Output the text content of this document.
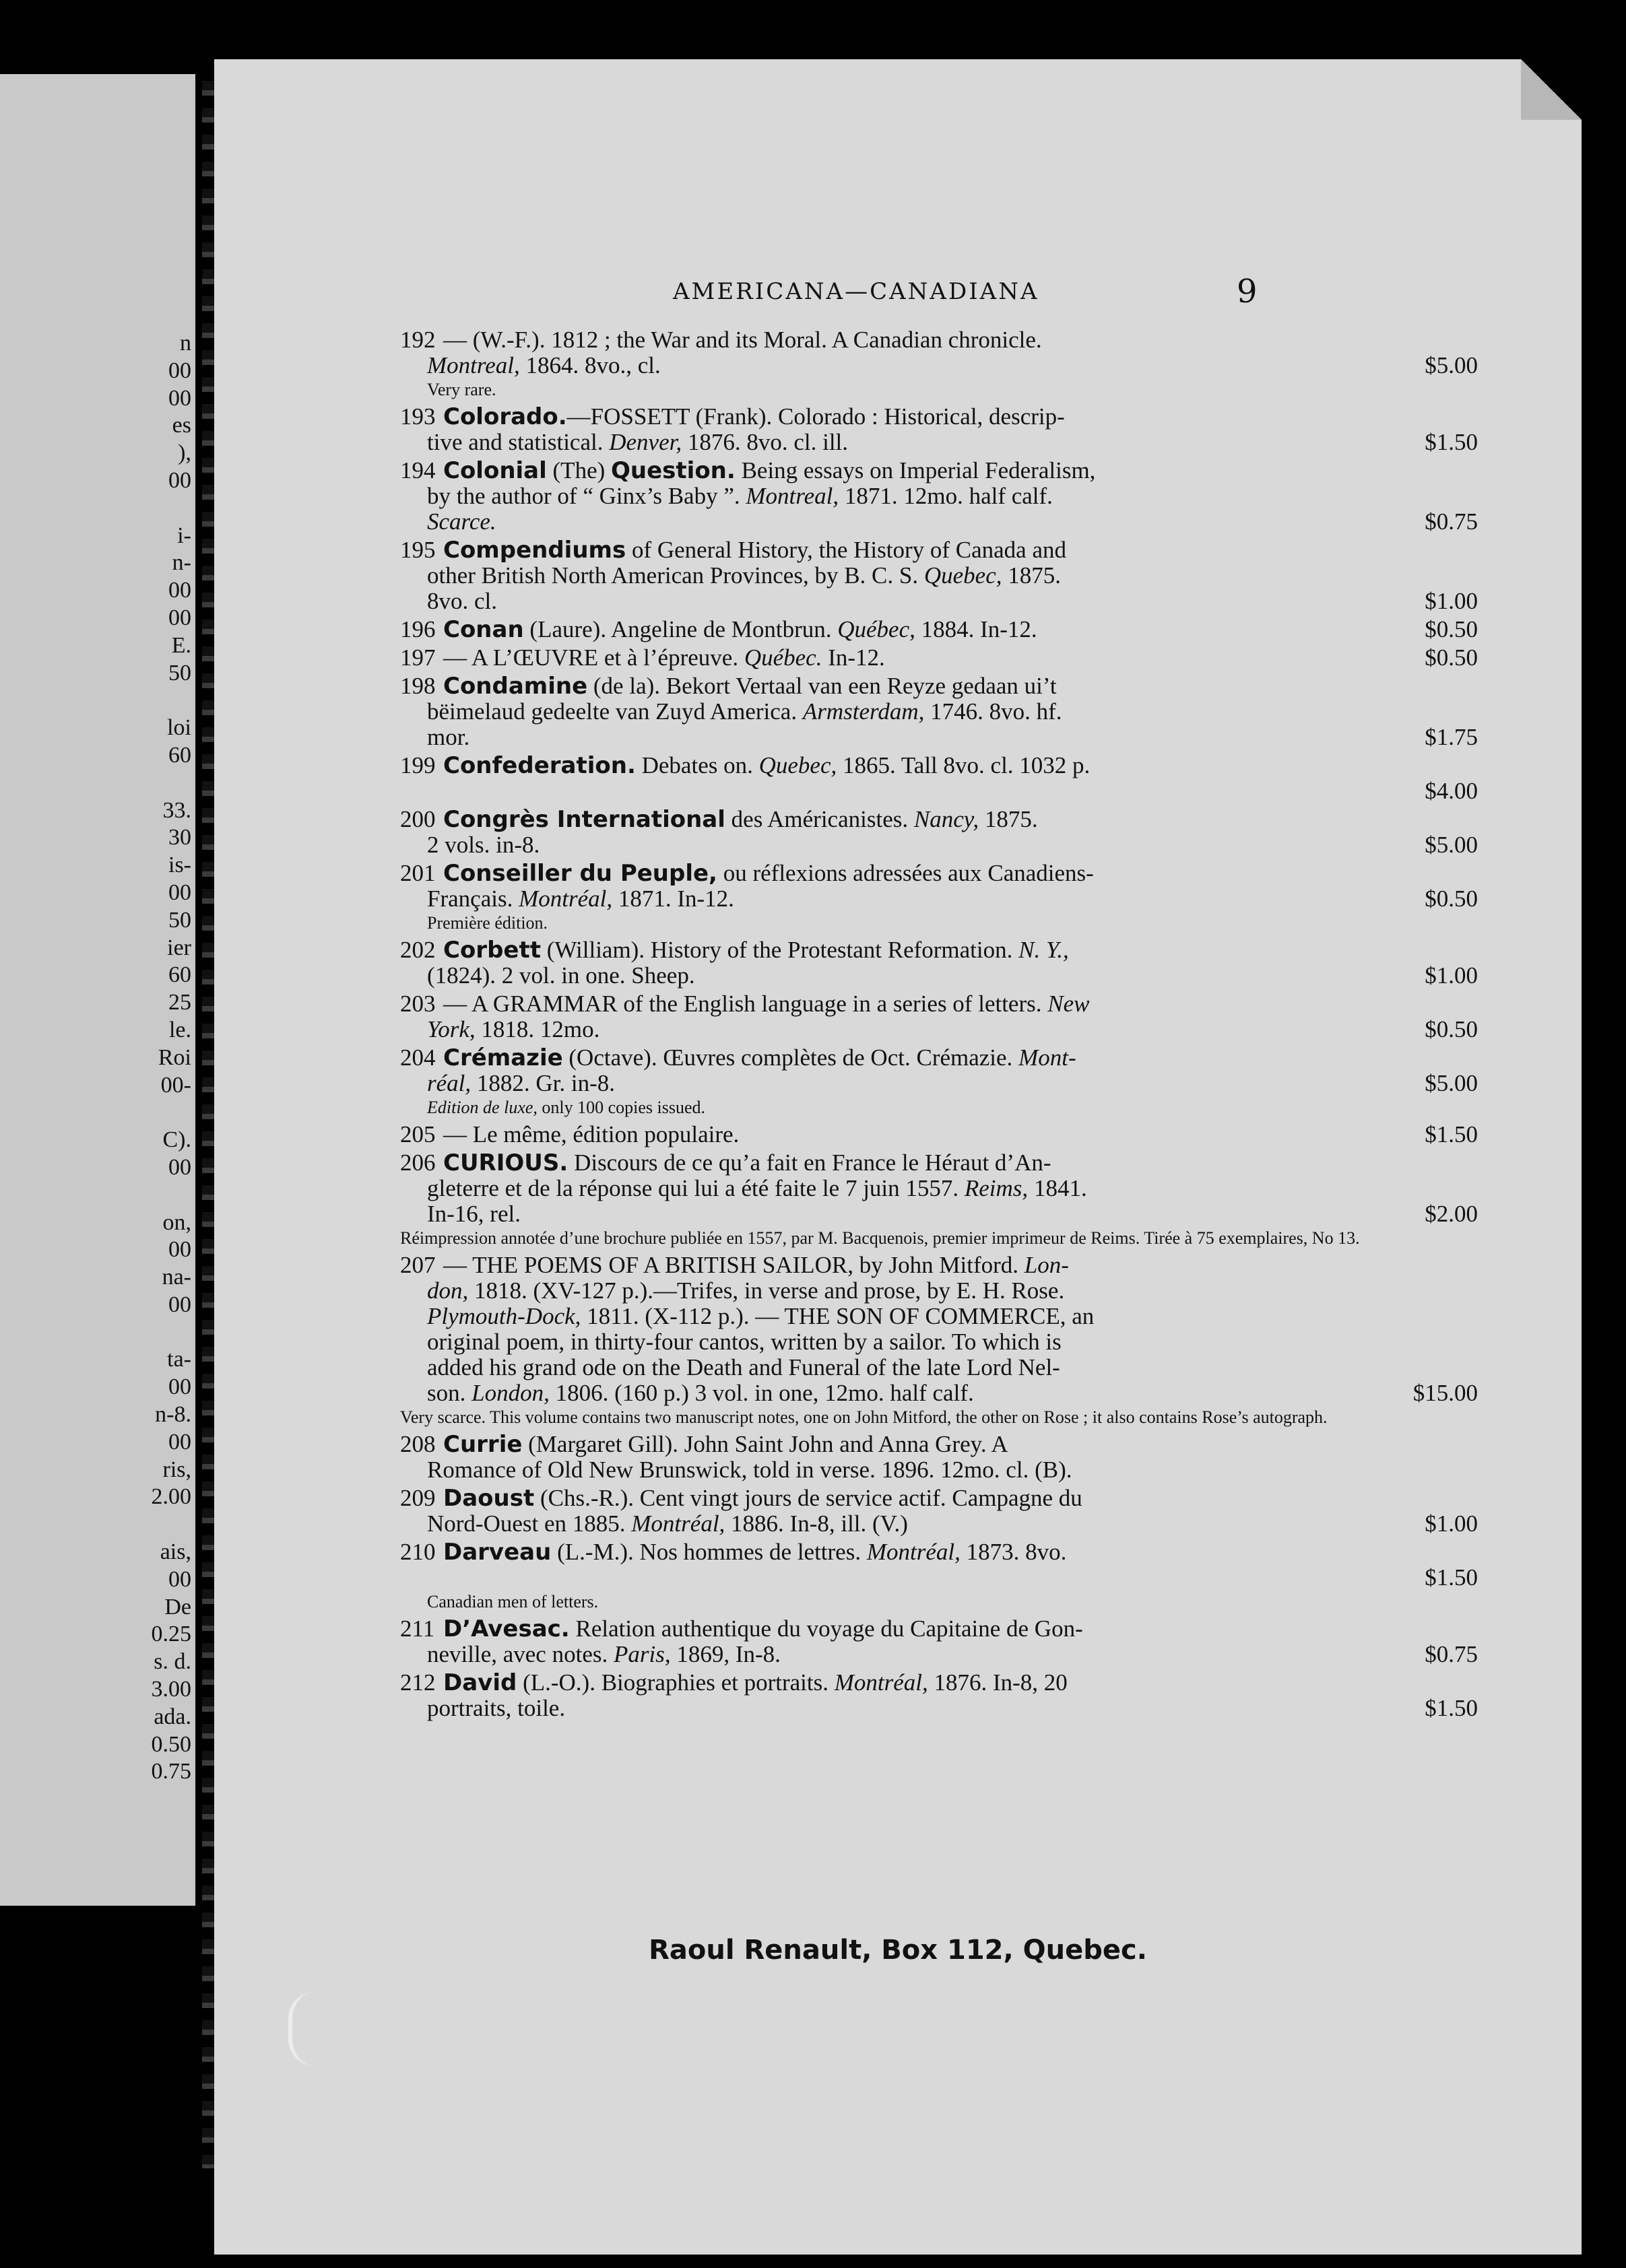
n
00
00
es
),
00

i-
n-
00
00
E.
50

loi
60

33.
30
is-
00
50
ier
60
25
le.
Roi
00-

C).
00

on,
00
na-
00

ta-
00
n-8.
00
ris,
2.00

ais,
00
De
0.25
s. d.
3.00
ada.
0.50
0.75
AMERICANA—CANADIANA	9
192 — (W.-F.). 1812 ; the War and its Moral. A Canadian chronicle.
Montreal, 1864. 8vo., cl.	$5.00
Very rare.
193 Colorado.—FOSSETT (Frank). Colorado : Historical, descrip-
tive and statistical. Denver, 1876. 8vo. cl. ill.	$1.50
194 Colonial (The) Question. Being essays on Imperial Federalism,
by the author of “ Ginx’s Baby ”. Montreal, 1871. 12mo. half calf.
Scarce.	$0.75
195 Compendiums of General History, the History of Canada and
other British North American Provinces, by B. C. S. Quebec, 1875.
8vo. cl.	$1.00
196 Conan (Laure). Angeline de Montbrun. Québec, 1884. In-12.	$0.50
197 — A L’ŒUVRE et à l’épreuve. Québec. In-12.	$0.50
198 Condamine (de la). Bekort Vertaal van een Reyze gedaan ui’t
bëimelaud gedeelte van Zuyd America. Armsterdam, 1746. 8vo. hf.
mor.	$1.75
199 Confederation. Debates on. Quebec, 1865. Tall 8vo. cl. 1032 p.
$4.00
200 Congrès International des Américanistes. Nancy, 1875.
2 vols. in-8.	$5.00
201 Conseiller du Peuple, ou réflexions adressées aux Canadiens-
Français. Montréal, 1871. In-12.	$0.50
Première édition.
202 Corbett (William). History of the Protestant Reformation. N. Y.,
(1824). 2 vol. in one. Sheep.	$1.00
203 — A GRAMMAR of the English language in a series of letters. New
York, 1818. 12mo.	$0.50
204 Crémazie (Octave). Œuvres complètes de Oct. Crémazie. Mont-
réal, 1882. Gr. in-8.	$5.00
Edition de luxe, only 100 copies issued.
205 — Le même, édition populaire.	$1.50
206 CURIOUS. Discours de ce qu’a fait en France le Héraut d’An-
gleterre et de la réponse qui lui a été faite le 7 juin 1557. Reims, 1841.
In-16, rel.	$2.00
Réimpression annotée d’une brochure publiée en 1557, par M. Bacquenois, premier imprimeur de Reims. Tirée à 75 exemplaires, No 13.
207 — THE POEMS OF A BRITISH SAILOR, by John Mitford. Lon-
don, 1818. (XV-127 p.).—Trifes, in verse and prose, by E. H. Rose.
Plymouth-Dock, 1811. (X-112 p.). — THE SON OF COMMERCE, an
original poem, in thirty-four cantos, written by a sailor. To which is
added his grand ode on the Death and Funeral of the late Lord Nel-
son. London, 1806. (160 p.) 3 vol. in one, 12mo. half calf.	$15.00
Very scarce. This volume contains two manuscript notes, one on John Mitford, the other on Rose ; it also contains Rose’s autograph.
208 Currie (Margaret Gill). John Saint John and Anna Grey. A
Romance of Old New Brunswick, told in verse. 1896. 12mo. cl. (B).
209 Daoust (Chs.-R.). Cent vingt jours de service actif. Campagne du
Nord-Ouest en 1885. Montréal, 1886. In-8, ill. (V.)	$1.00
210 Darveau (L.-M.). Nos hommes de lettres. Montréal, 1873. 8vo.
$1.50
Canadian men of letters.
211 D’Avesac. Relation authentique du voyage du Capitaine de Gon-
neville, avec notes. Paris, 1869, In-8.	$0.75
212 David (L.-O.). Biographies et portraits. Montréal, 1876. In-8, 20
portraits, toile.	$1.50
Raoul Renault, Box 112, Quebec.
